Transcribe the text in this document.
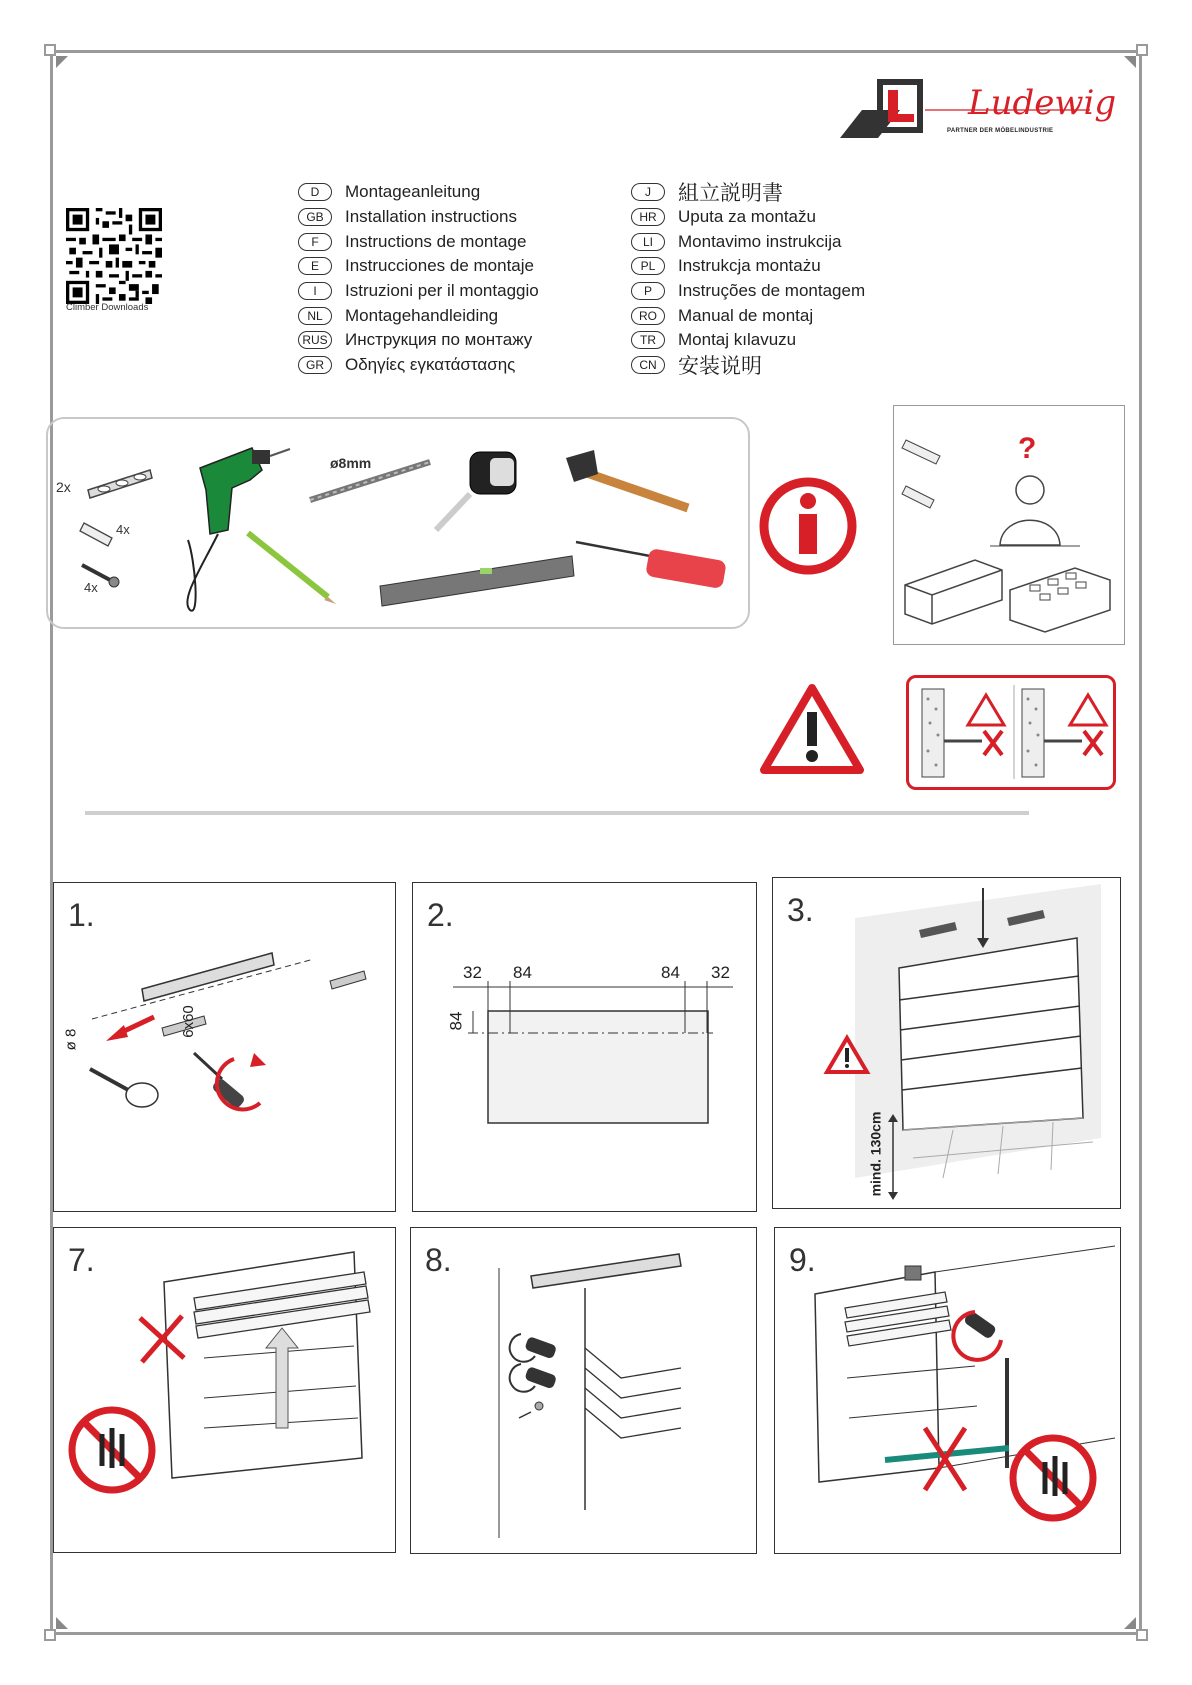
Ludewig
PARTNER DER MÖBELINDUSTRIE
Climber Downloads
D	Montageanleitung
GB	Installation instructions
F	Instructions de montage
E	Instrucciones de montaje
I	Istruzioni per il montaggio
NL	Montagehandleiding
RUS Инструкция по монтажу
GR	Οδηγίες εγκατάστασης
J	組立説明書
HR	Uputa za montažu
LI	Montavimo instrukcija
PL	Instrukcja montażu
P	Instruções de montagem
RO	Manual de montaj
TR	Montaj kılavuzu
CN	安装说明
2x
4x
4x
ø8mm	?
1.
ø 8
6x60
2.
32 84	84 32
84
3.
mind. 130cm
7.	8.	9.
